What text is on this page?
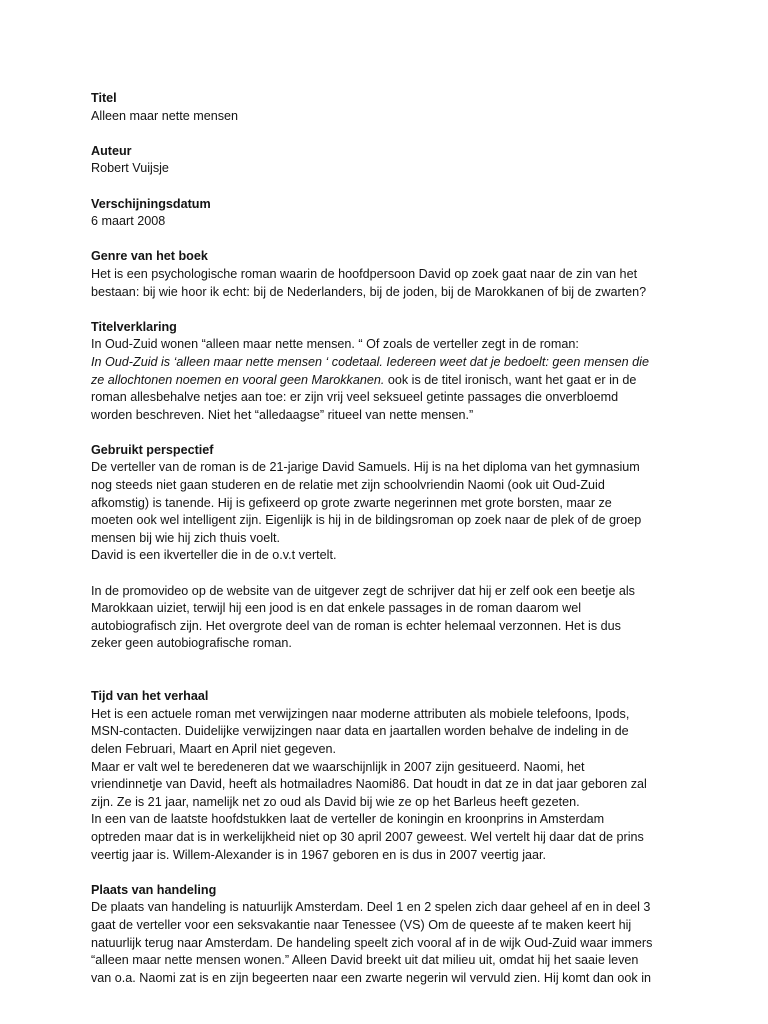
Titel
Alleen maar nette mensen
Auteur
Robert Vuijsje
Verschijningsdatum
6 maart 2008
Genre van het boek
Het is een psychologische roman waarin de hoofdpersoon David op zoek gaat naar de zin van het
bestaan: bij wie hoor ik echt: bij de Nederlanders, bij de joden, bij de Marokkanen of bij de zwarten?
Titelverklaring
In Oud-Zuid wonen “alleen maar nette mensen. “ Of zoals de verteller zegt in de roman:
In Oud-Zuid is ‘alleen maar nette mensen ‘ codetaal. Iedereen weet dat je bedoelt: geen mensen die
ze allochtonen noemen en vooral geen Marokkanen. ook is de titel ironisch, want het gaat er in de
roman allesbehalve netjes aan toe: er zijn vrij veel seksueel getinte passages die onverbloemd
worden beschreven. Niet het “alledaagse” ritueel van nette mensen.”
Gebruikt perspectief
De verteller van de roman is de 21-jarige David Samuels. Hij is na het diploma van het gymnasium
nog steeds niet gaan studeren en de relatie met zijn schoolvriendin Naomi (ook uit Oud-Zuid
afkomstig) is tanende. Hij is gefixeerd op grote zwarte negerinnen met grote borsten, maar ze
moeten ook wel intelligent zijn. Eigenlijk is hij in de bildingsroman op zoek naar de plek of de groep
mensen bij wie hij zich thuis voelt.
David is een ikverteller die in de o.v.t vertelt.
In de promovideo op de website van de uitgever zegt de schrijver dat hij er zelf ook een beetje als
Marokkaan uiziet, terwijl hij een jood is en dat enkele passages in de roman daarom wel
autobiografisch zijn. Het overgrote deel van de roman is echter helemaal verzonnen. Het is dus
zeker geen autobiografische roman.
Tijd van het verhaal
Het is een actuele roman met verwijzingen naar moderne attributen als mobiele telefoons, Ipods,
MSN-contacten. Duidelijke verwijzingen naar data en jaartallen worden behalve de indeling in de
delen Februari, Maart en April niet gegeven.
Maar er valt wel te beredeneren dat we waarschijnlijk in 2007 zijn gesitueerd. Naomi, het
vriendinnetje van David, heeft als hotmailadres Naomi86. Dat houdt in dat ze in dat jaar geboren zal
zijn. Ze is 21 jaar, namelijk net zo oud als David bij wie ze op het Barleus heeft gezeten.
In een van de laatste hoofdstukken laat de verteller de koningin en kroonprins in Amsterdam
optreden maar dat is in werkelijkheid niet op 30 april 2007 geweest. Wel vertelt hij daar dat de prins
veertig jaar is. Willem-Alexander is in 1967 geboren en is dus in 2007 veertig jaar.
Plaats van handeling
De plaats van handeling is natuurlijk Amsterdam. Deel 1 en 2 spelen zich daar geheel af en in deel 3
gaat de verteller voor een seksvakantie naar Tenessee (VS) Om de queeste af te maken keert hij
natuurlijk terug naar Amsterdam. De handeling speelt zich vooral af in de wijk Oud-Zuid waar immers
“alleen maar nette mensen wonen.” Alleen David breekt uit dat milieu uit, omdat hij het saaie leven
van o.a. Naomi zat is en zijn begeerten naar een zwarte negerin wil vervuld zien. Hij komt dan ook in
